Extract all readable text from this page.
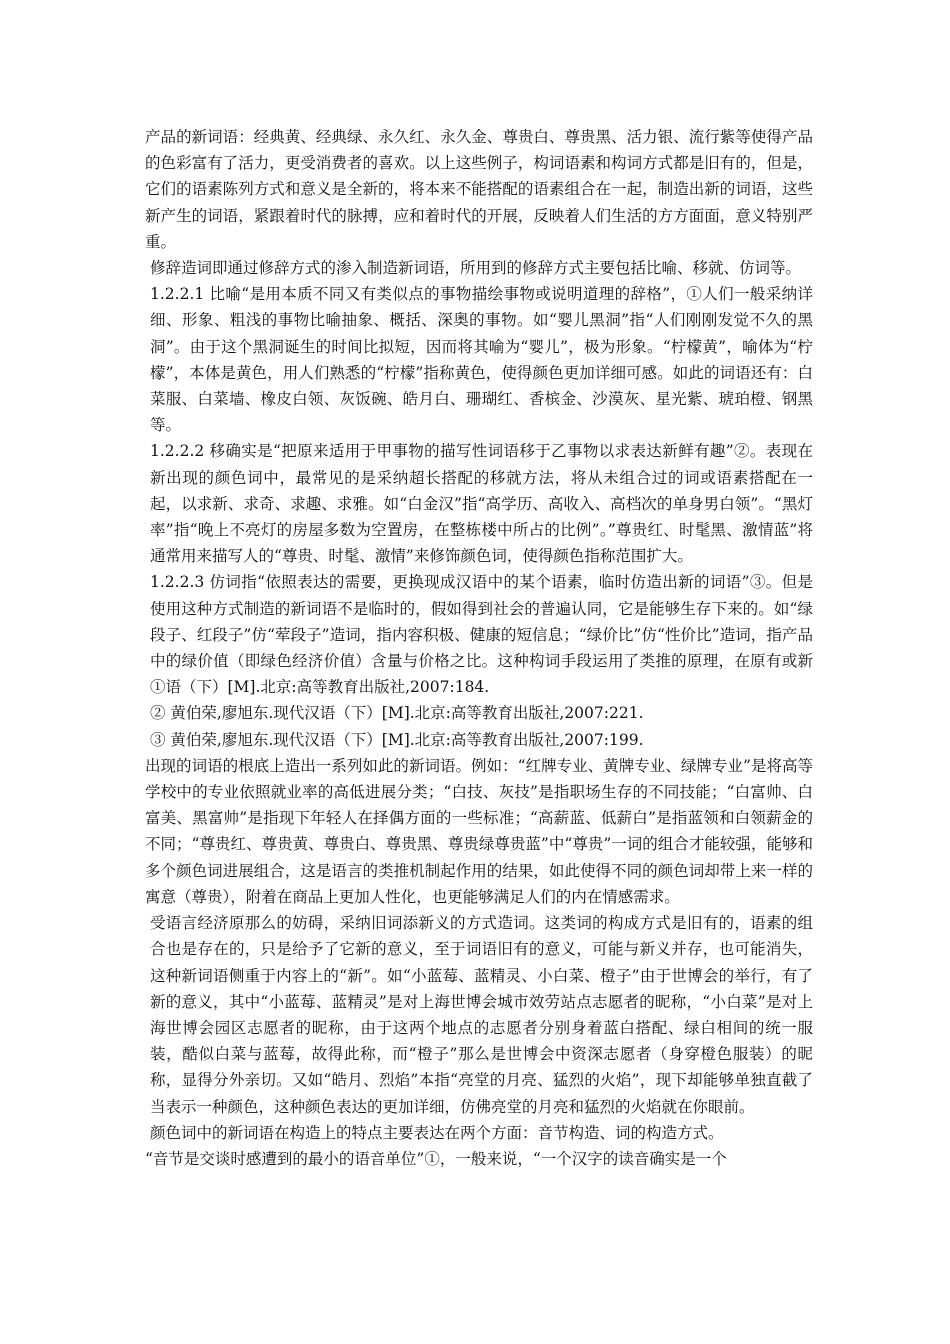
产品的新词语：经典黄、经典绿、永久红、永久金、尊贵白、尊贵黑、活力银、流行紫等使得产品的色彩富有了活力，更受消费者的喜欢。以上这些例子，构词语素和构词方式都是旧有的，但是，它们的语素陈列方式和意义是全新的，将本来不能搭配的语素组合在一起，制造出新的词语，这些新产生的词语，紧跟着时代的脉搏，应和着时代的开展，反映着人们生活的方方面面，意义特别严重。

修辞造词即通过修辞方式的渗入制造新词语，所用到的修辞方式主要包括比喻、移就、仿词等。

1.2.2.1 比喻“是用本质不同又有类似点的事物描绘事物或说明道理的辞格”，①人们一般采纳详细、形象、粗浅的事物比喻抽象、概括、深奥的事物。如“婴儿黑洞”指“人们刚刚发觉不久的黑洞”。由于这个黑洞诞生的时间比拟短，因而将其喻为“婴儿”，极为形象。“柠檬黄”，喻体为“柠檬”，本体是黄色，用人们熟悉的“柠檬”指称黄色，使得颜色更加详细可感。如此的词语还有：白菜服、白菜墙、橡皮白领、灰饭碗、皓月白、珊瑚红、香槟金、沙漠灰、星光紫、琥珀橙、钢黑等。

1.2.2.2 移确实是“把原来适用于甲事物的描写性词语移于乙事物以求表达新鲜有趣”②。表现在新出现的颜色词中，最常见的是采纳超长搭配的移就方法，将从未组合过的词或语素搭配在一起，以求新、求奇、求趣、求雅。如“白金汉”指“高学历、高收入、高档次的单身男白领”。“黑灯率”指“晚上不亮灯的房屋多数为空置房，在整栋楼中所占的比例”。”尊贵红、时髦黑、激情蓝”将通常用来描写人的“尊贵、时髦、激情”来修饰颜色词，使得颜色指称范围扩大。

1.2.2.3 仿词指“依照表达的需要，更换现成汉语中的某个语素，临时仿造出新的词语”③。但是使用这种方式制造的新词语不是临时的，假如得到社会的普遍认同，它是能够生存下来的。如“绿段子、红段子”仿“荤段子”造词，指内容积极、健康的短信息；“绿价比”仿“性价比”造词，指产品中的绿价值（即绿色经济价值）含量与价格之比。这种构词手段运用了类推的原理，在原有或新①语（下）[M].北京:高等教育出版社,2007:184.

② 黄伯荣,廖旭东.现代汉语（下）[M].北京:高等教育出版社,2007:221.

③ 黄伯荣,廖旭东.现代汉语（下）[M].北京:高等教育出版社,2007:199.

出现的词语的根底上造出一系列如此的新词语。例如：“红牌专业、黄牌专业、绿牌专业”是将高等学校中的专业依照就业率的高低进展分类；“白技、灰技”是指职场生存的不同技能；“白富帅、白富美、黑富帅”是指现下年轻人在择偶方面的一些标准；“高薪蓝、低薪白”是指蓝领和白领薪金的不同；“尊贵红、尊贵黄、尊贵白、尊贵黑、尊贵绿尊贵蓝”中“尊贵”一词的组合才能较强，能够和多个颜色词进展组合，这是语言的类推机制起作用的结果，如此使得不同的颜色词却带上来一样的寓意（尊贵），附着在商品上更加人性化，也更能够满足人们的内在情感需求。

受语言经济原那么的妨碍，采纳旧词添新义的方式造词。这类词的构成方式是旧有的，语素的组合也是存在的，只是给予了它新的意义，至于词语旧有的意义，可能与新义并存，也可能消失，这种新词语侧重于内容上的“新”。如“小蓝莓、蓝精灵、小白菜、橙子”由于世博会的举行，有了新的意义，其中“小蓝莓、蓝精灵”是对上海世博会城市效劳站点志愿者的昵称，“小白菜”是对上海世博会园区志愿者的昵称，由于这两个地点的志愿者分别身着蓝白搭配、绿白相间的统一服装，酷似白菜与蓝莓，故得此称，而“橙子”那么是世博会中资深志愿者（身穿橙色服装）的昵称，显得分外亲切。又如“皓月、烈焰”本指“亮堂的月亮、猛烈的火焰”，现下却能够单独直截了当表示一种颜色，这种颜色表达的更加详细，仿佛亮堂的月亮和猛烈的火焰就在你眼前。

颜色词中的新词语在构造上的特点主要表达在两个方面：音节构造、词的构造方式。

“音节是交谈时感遭到的最小的语音单位”①，一般来说，“一个汉字的读音确实是一个
